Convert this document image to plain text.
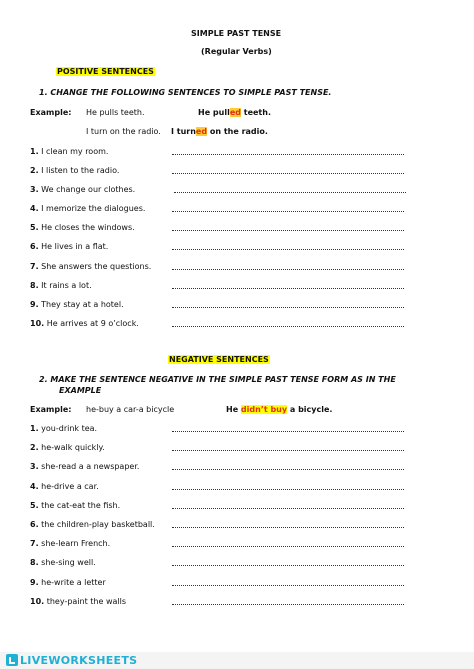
SIMPLE PAST TENSE
(Regular Verbs)
POSITIVE SENTENCES
1. CHANGE THE FOLLOWING SENTENCES TO SIMPLE PAST TENSE.
Example: He pulls teeth.	He pulled teeth.
I turn on the radio. I turned on the radio.
1. I clean my room.
2. I listen to the radio.
3. We change our clothes.
4. I memorize the dialogues.
5. He closes the windows.
6. He lives in a flat.
7. She answers the questions.
8. It rains a lot.
9. They stay at a hotel.
10. He arrives at 9 o’clock.
NEGATIVE SENTENCES
2. MAKE THE SENTENCE NEGATIVE IN THE SIMPLE PAST TENSE FORM AS IN THE
EXAMPLE
Example: he-buy a car-a bicycle	He didn’t buy a bicycle.
1. you-drink tea.
2. he-walk quickly.
3. she-read a a newspaper.
4. he-drive a car.
5. the cat-eat the fish.
6. the children-play basketball.
7. she-learn French.
8. she-sing well.
9. he-write a letter
10. they-paint the walls
LIVEWORKSHEETS
